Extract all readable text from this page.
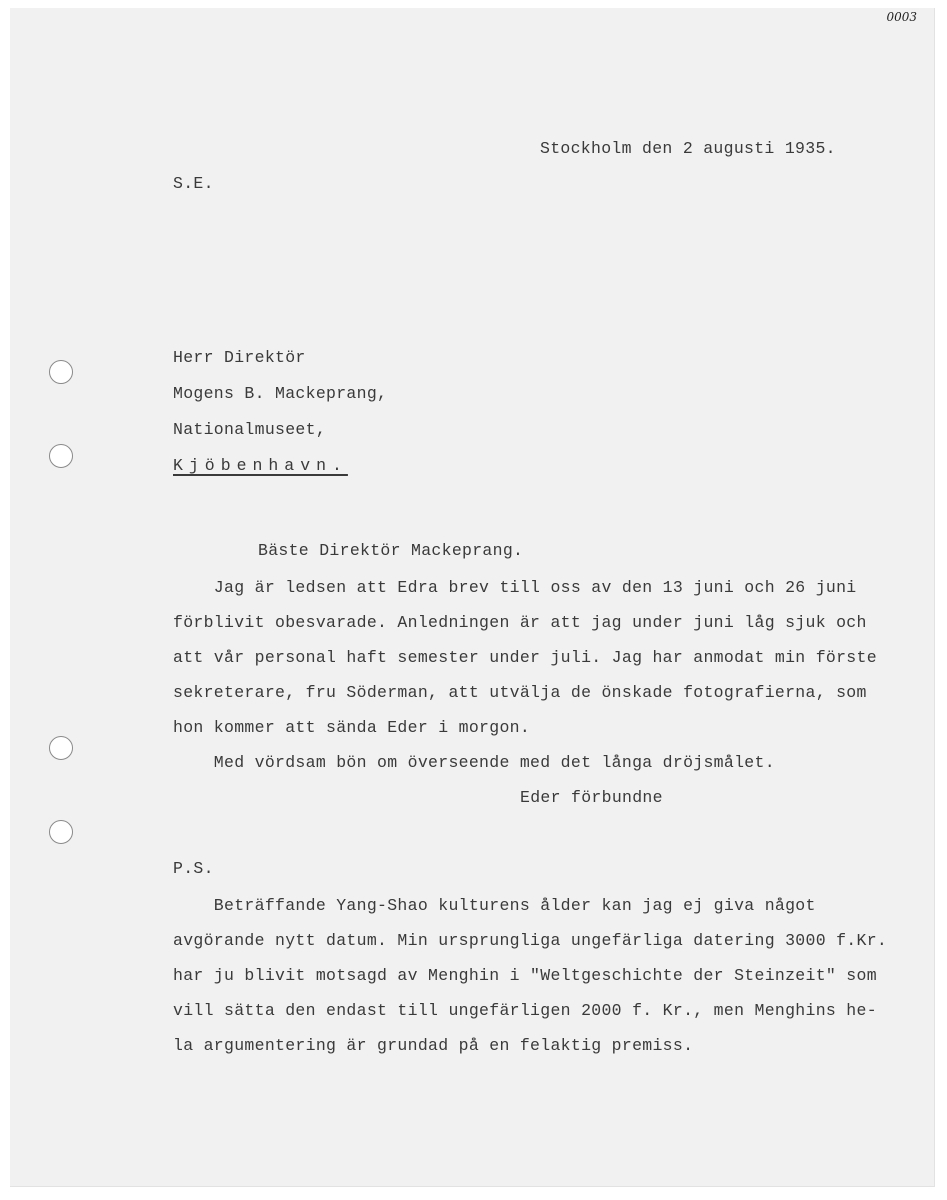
0003
Stockholm den 2 augusti 1935.
S.E.
Herr Direktör
Mogens B. Mackeprang,
Nationalmuseet,
Kjöbenhavn.
Bäste Direktör Mackeprang.
Jag är ledsen att Edra brev till oss av den 13 juni och 26 juni
förblivit obesvarade. Anledningen är att jag under juni låg sjuk och
att vår personal haft semester under juli. Jag har anmodat min förste
sekreterare, fru Söderman, att utvälja de önskade fotografierna, som
hon kommer att sända Eder i morgon.
Med vördsam bön om överseende med det långa dröjsmålet.
Eder förbundne
P.S.
Beträffande Yang-Shao kulturens ålder kan jag ej giva något
avgörande nytt datum. Min ursprungliga ungefärliga datering 3000 f.Kr.
har ju blivit motsagd av Menghin i "Weltgeschichte der Steinzeit" som
vill sätta den endast till ungefärligen 2000 f. Kr., men Menghins he-
la argumentering är grundad på en felaktig premiss.
